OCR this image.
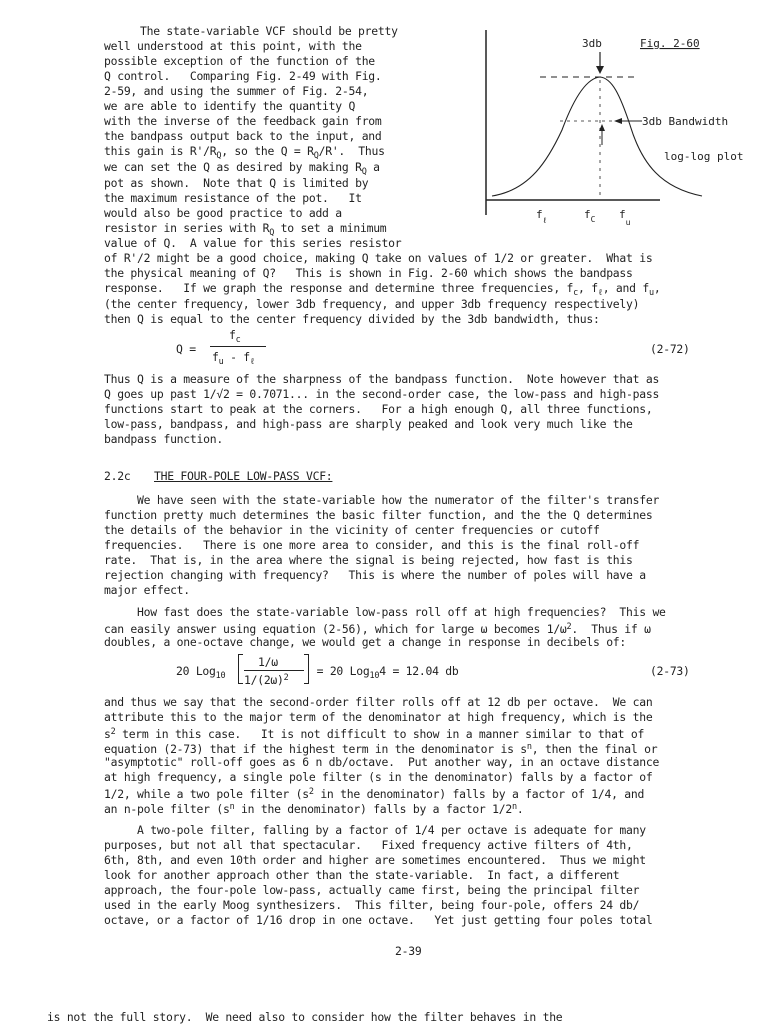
3db	Fig. 2-60
3db Bandwidth
log-log plot
$f_\ell$	$f_C$ $f_u$
The state-variable VCF should be pretty
well understood at this point, with the
possible exception of the function of the
Q control.   Comparing Fig. 2-49 with Fig.
2-59, and using the summer of Fig. 2-54,
we are able to identify the quantity Q
with the inverse of the feedback gain from
the bandpass output back to the input, and
this gain is $R'/R_Q$, so the $Q = R_Q/R'$.  Thus
we can set the Q as desired by making $R_Q$ a
pot as shown.  Note that Q is limited by
the maximum resistance of the pot.   It
would also be good practice to add a
resistor in series with $R_Q$ to set a minimum
value of Q.  A value for this series resistor
of R'/2 might be a good choice, making Q take on values of 1/2 or greater.  What is
the physical meaning of Q?   This is shown in Fig. 2-60 which shows the bandpass
response.   If we graph the response and determine three frequencies, $f_c$, $f_\ell$, and $f_u$,
(the center frequency, lower 3db frequency, and upper 3db frequency respectively)
then Q is equal to the center frequency divided by the 3db bandwidth, thus:
Q =
$f_c$
$f_u - f_\ell$
(2-72)
Thus Q is a measure of the sharpness of the bandpass function.  Note however that as
Q goes up past 1/√2 = 0.7071... in the second-order case, the low-pass and high-pass
functions start to peak at the corners.   For a high enough Q, all three functions,
low-pass, bandpass, and high-pass are sharply peaked and look very much like the
bandpass function.
2.2c THE FOUR-POLE LOW-PASS VCF:
We have seen with the state-variable how the numerator of the filter's transfer
function pretty much determines the basic filter function, and the the Q determines
the details of the behavior in the vicinity of center frequencies or cutoff
frequencies.   There is one more area to consider, and this is the final roll-off
rate.  That is, in the area where the signal is being rejected, how fast is this
rejection changing with frequency?   This is where the number of poles will have a
major effect.
How fast does the state-variable low-pass roll off at high frequencies?  This we
can easily answer using equation (2-56), which for large ω becomes $1/\omega^2$.  Thus if ω
doubles, a one-octave change, we would get a change in response in decibels of:
20 Log$_{10}$
1/ω
$1/(2\omega)^2 = 20$ Log$_{10}$4 = 12.04 db	(2-73)
and thus we say that the second-order filter rolls off at 12 db per octave.  We can
attribute this to the major term of the denominator at high frequency, which is the
$s^2$ term in this case.   It is not difficult to show in a manner similar to that of
equation (2-73) that if the highest term in the denominator is $s^n$, then the final or
"asymptotic" roll-off goes as 6 n db/octave.  Put another way, in an octave distance
at high frequency, a single pole filter (s in the denominator) falls by a factor of
1/2, while a two pole filter ($s^2$ in the denominator) falls by a factor of 1/4, and
an n-pole filter ($s^n$ in the denominator) falls by a factor 1/2$^n$.
A two-pole filter, falling by a factor of 1/4 per octave is adequate for many
purposes, but not all that spectacular.   Fixed frequency active filters of 4th,
6th, 8th, and even 10th order and higher are sometimes encountered.  Thus we might
look for another approach other than the state-variable.  In fact, a different
approach, the four-pole low-pass, actually came first, being the principal filter
used in the early Moog synthesizers.  This filter, being four-pole, offers 24 db/
octave, or a factor of 1/16 drop in one octave.   Yet just getting four poles total
2-39
is not the full story.  We need also to consider how the filter behaves in the
